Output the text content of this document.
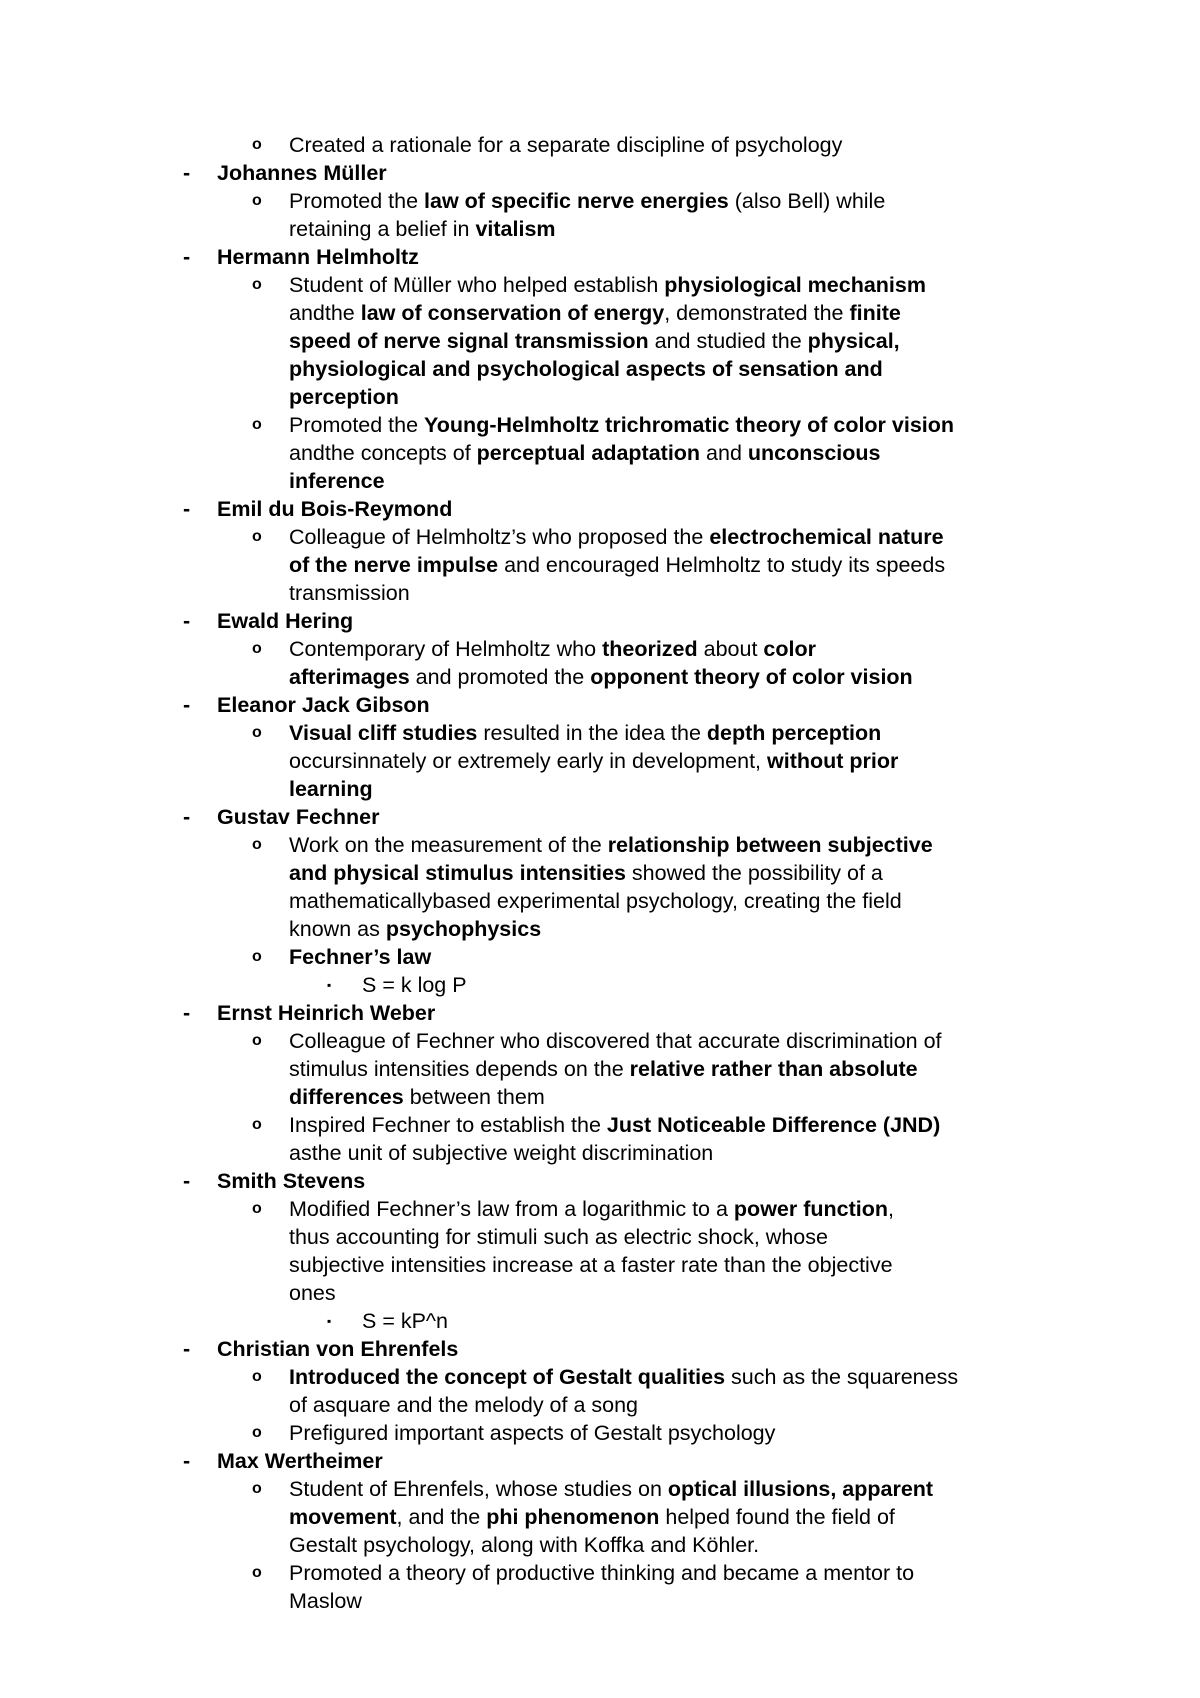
o Created a rationale for a separate discipline of psychology
- Johannes Müller
o Promoted the law of specific nerve energies (also Bell) while
retaining a belief in vitalism
- Hermann Helmholtz
o Student of Müller who helped establish physiological mechanism
andthe law of conservation of energy, demonstrated the finite
speed of nerve signal transmission and studied the physical,
physiological and psychological aspects of sensation and
perception
o Promoted the Young-Helmholtz trichromatic theory of color vision
andthe concepts of perceptual adaptation and unconscious
inference
- Emil du Bois-Reymond
o Colleague of Helmholtz’s who proposed the electrochemical nature
of the nerve impulse and encouraged Helmholtz to study its speeds
transmission
- Ewald Hering
o Contemporary of Helmholtz who theorized about color
afterimages and promoted the opponent theory of color vision
- Eleanor Jack Gibson
o Visual cliff studies resulted in the idea the depth perception
occursinnately or extremely early in development, without prior
learning
- Gustav Fechner
o Work on the measurement of the relationship between subjective
and physical stimulus intensities showed the possibility of a
mathematicallybased experimental psychology, creating the field
known as psychophysics
o Fechner’s law
▪ S = k log P
- Ernst Heinrich Weber
o Colleague of Fechner who discovered that accurate discrimination of
stimulus intensities depends on the relative rather than absolute
differences between them
o Inspired Fechner to establish the Just Noticeable Difference (JND)
asthe unit of subjective weight discrimination
- Smith Stevens
o Modified Fechner’s law from a logarithmic to a power function,
thus accounting for stimuli such as electric shock, whose
subjective intensities increase at a faster rate than the objective
ones
▪ S = kP^n
- Christian von Ehrenfels
o Introduced the concept of Gestalt qualities such as the squareness
of asquare and the melody of a song
o Prefigured important aspects of Gestalt psychology
- Max Wertheimer
o Student of Ehrenfels, whose studies on optical illusions, apparent
movement, and the phi phenomenon helped found the field of
Gestalt psychology, along with Koffka and Köhler.
o Promoted a theory of productive thinking and became a mentor to
Maslow
